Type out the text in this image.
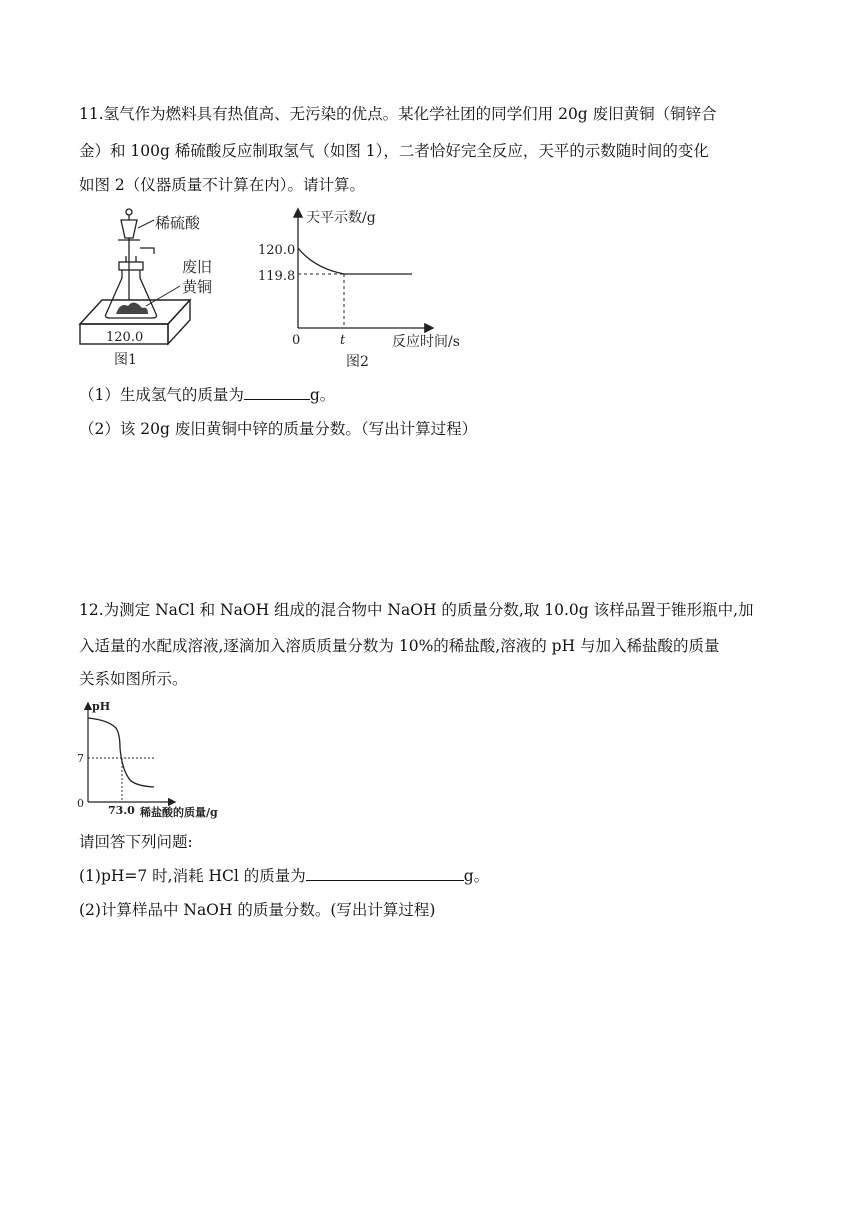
11.氢气作为燃料具有热值高、无污染的优点。某化学社团的同学们用 20g 废旧黄铜（铜锌合
金）和 100g 稀硫酸反应制取氢气（如图 1），二者恰好完全反应，天平的示数随时间的变化
如图 2（仪器质量不计算在内）。请计算。
120.0
稀硫酸
废旧
黄铜
图1
天平示数/g
反应时间/s
120.0
119.8
0	t
图2
（1）生成氢气的质量为	g。
（2）该 20g 废旧黄铜中锌的质量分数。（写出计算过程）
12.为测定 NaCl 和 NaOH 组成的混合物中 NaOH 的质量分数,取 10.0g 该样品置于锥形瓶中,加
入适量的水配成溶液,逐滴加入溶质质量分数为 10%的稀盐酸,溶液的 pH 与加入稀盐酸的质量
关系如图所示。
pH
7
0
73.0 稀盐酸的质量/g
请回答下列问题:
(1)pH=7 时,消耗 HCl 的质量为	g。
(2)计算样品中 NaOH 的质量分数。(写出计算过程)
